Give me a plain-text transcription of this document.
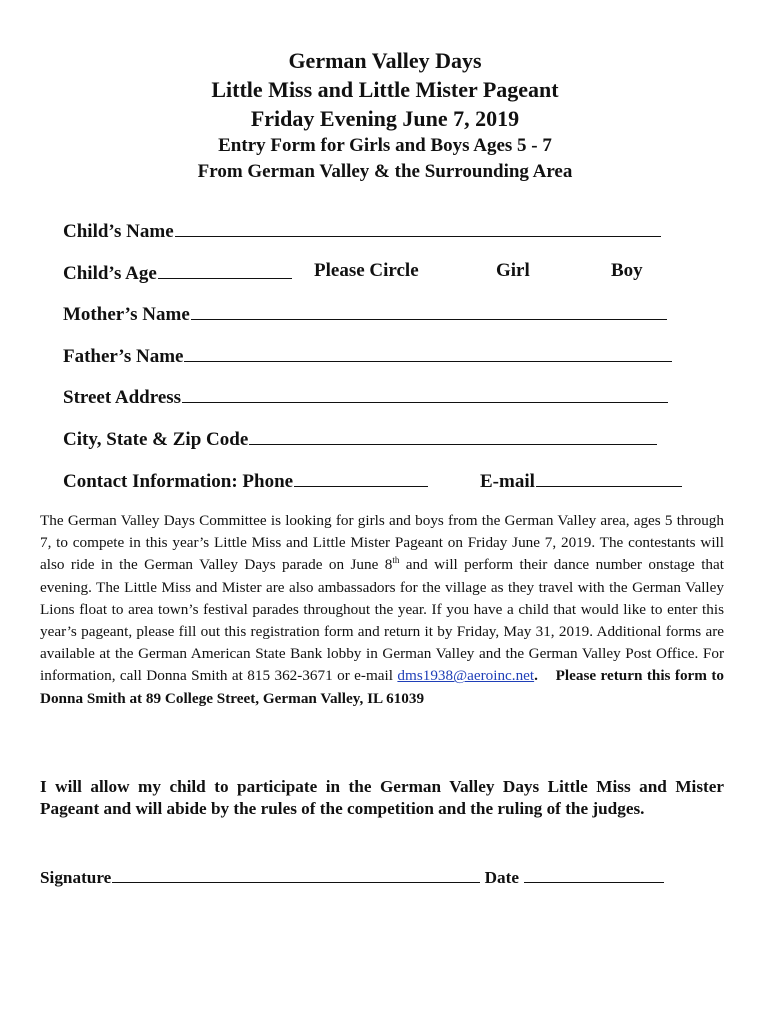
German Valley Days
Little Miss and Little Mister Pageant
Friday Evening June 7, 2019
Entry Form for Girls and Boys Ages 5 - 7
From German Valley & the Surrounding Area
Child’s Name
Child’s Age	Please Circle	Girl	Boy
Mother’s Name
Father’s Name
Street Address
City, State & Zip Code
Contact Information: Phone	E-mail
The German Valley Days Committee is looking for girls and boys from the German Valley area, ages 5 through 7, to compete in this year’s Little Miss and Little Mister Pageant on Friday June 7, 2019. The contestants will also ride in the German Valley Days parade on June 8th and will perform their dance number onstage that evening. The Little Miss and Mister are also ambassadors for the village as they travel with the German Valley Lions float to area town’s festival parades throughout the year. If you have a child that would like to enter this year’s pageant, please fill out this registration form and return it by Friday, May 31, 2019. Additional forms are available at the German American State Bank lobby in German Valley and the German Valley Post Office. For information, call Donna Smith at 815 362-3671 or e-mail dms1938@aeroinc.net. Please return this form to Donna Smith at 89 College Street, German Valley, IL 61039
I will allow my child to participate in the German Valley Days Little Miss and Mister Pageant and will abide by the rules of the competition and the ruling of the judges.
Signature	Date
